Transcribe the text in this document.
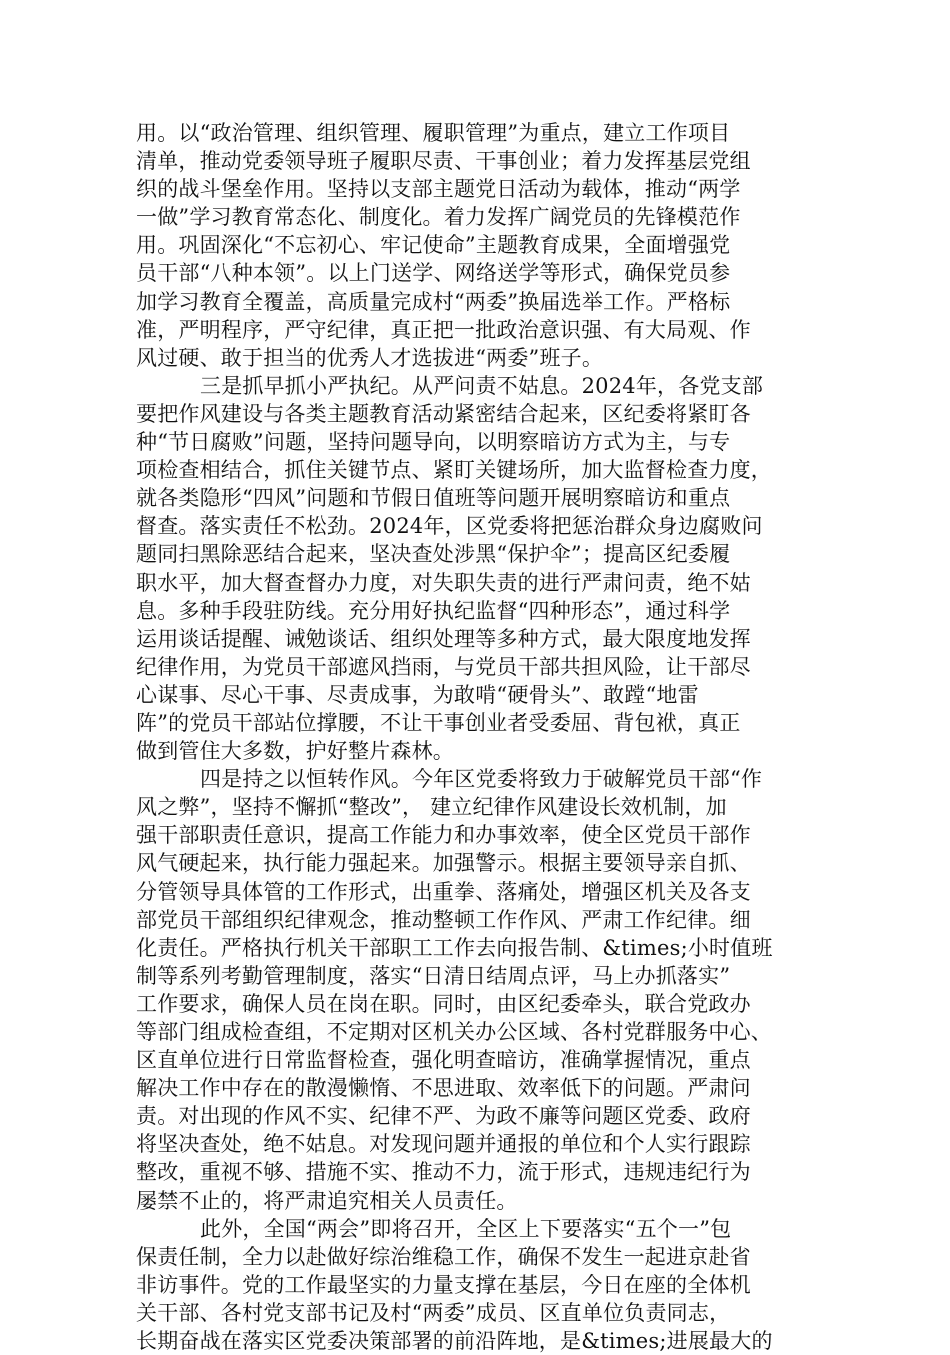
用。以“政治管理、组织管理、履职管理”为重点，建立工作项目
清单，推动党委领导班子履职尽责、干事创业；着力发挥基层党组
织的战斗堡垒作用。坚持以支部主题党日活动为载体，推动“两学
一做”学习教育常态化、制度化。着力发挥广阔党员的先锋模范作
用。巩固深化“不忘初心、牢记使命”主题教育成果，全面增强党
员干部“八种本领”。以上门送学、网络送学等形式，确保党员参
加学习教育全覆盖，高质量完成村“两委”换届选举工作。严格标
准，严明程序，严守纪律，真正把一批政治意识强、有大局观、作
风过硬、敢于担当的优秀人才选拔进“两委”班子。
三是抓早抓小严执纪。从严问责不姑息。2024年，各党支部
要把作风建设与各类主题教育活动紧密结合起来，区纪委将紧盯各
种“节日腐败”问题，坚持问题导向，以明察暗访方式为主，与专
项检查相结合，抓住关键节点、紧盯关键场所，加大监督检查力度，
就各类隐形“四风”问题和节假日值班等问题开展明察暗访和重点
督查。落实责任不松劲。2024年，区党委将把惩治群众身边腐败问
题同扫黑除恶结合起来，坚决查处涉黑“保护伞”；提高区纪委履
职水平，加大督查督办力度，对失职失责的进行严肃问责，绝不姑
息。多种手段驻防线。充分用好执纪监督“四种形态”，通过科学
运用谈话提醒、诫勉谈话、组织处理等多种方式，最大限度地发挥
纪律作用，为党员干部遮风挡雨，与党员干部共担风险，让干部尽
心谋事、尽心干事、尽责成事，为敢啃“硬骨头”、敢蹚“地雷
阵”的党员干部站位撑腰，不让干事创业者受委屈、背包袱，真正
做到管住大多数，护好整片森林。
四是持之以恒转作风。今年区党委将致力于破解党员干部“作
风之弊”，坚持不懈抓“整改”， 建立纪律作风建设长效机制，加
强干部职责任意识，提高工作能力和办事效率，使全区党员干部作
风气硬起来，执行能力强起来。加强警示。根据主要领导亲自抓、
分管领导具体管的工作形式，出重拳、落痛处，增强区机关及各支
部党员干部组织纪律观念，推动整顿工作作风、严肃工作纪律。细
化责任。严格执行机关干部职工工作去向报告制、&times;小时值班
制等系列考勤管理制度，落实“日清日结周点评，马上办抓落实”
工作要求，确保人员在岗在职。同时，由区纪委牵头，联合党政办
等部门组成检查组，不定期对区机关办公区域、各村党群服务中心、
区直单位进行日常监督检查，强化明查暗访，准确掌握情况，重点
解决工作中存在的散漫懒惰、不思进取、效率低下的问题。严肃问
责。对出现的作风不实、纪律不严、为政不廉等问题区党委、政府
将坚决查处，绝不姑息。对发现问题并通报的单位和个人实行跟踪
整改，重视不够、措施不实、推动不力，流于形式，违规违纪行为
屡禁不止的，将严肃追究相关人员责任。
此外，全国“两会”即将召开，全区上下要落实“五个一”包
保责任制，全力以赴做好综治维稳工作，确保不发生一起进京赴省
非访事件。党的工作最坚实的力量支撑在基层，今日在座的全体机
关干部、各村党支部书记及村“两委”成员、区直单位负责同志，
长期奋战在落实区党委决策部署的前沿阵地，是&times;进展最大的
